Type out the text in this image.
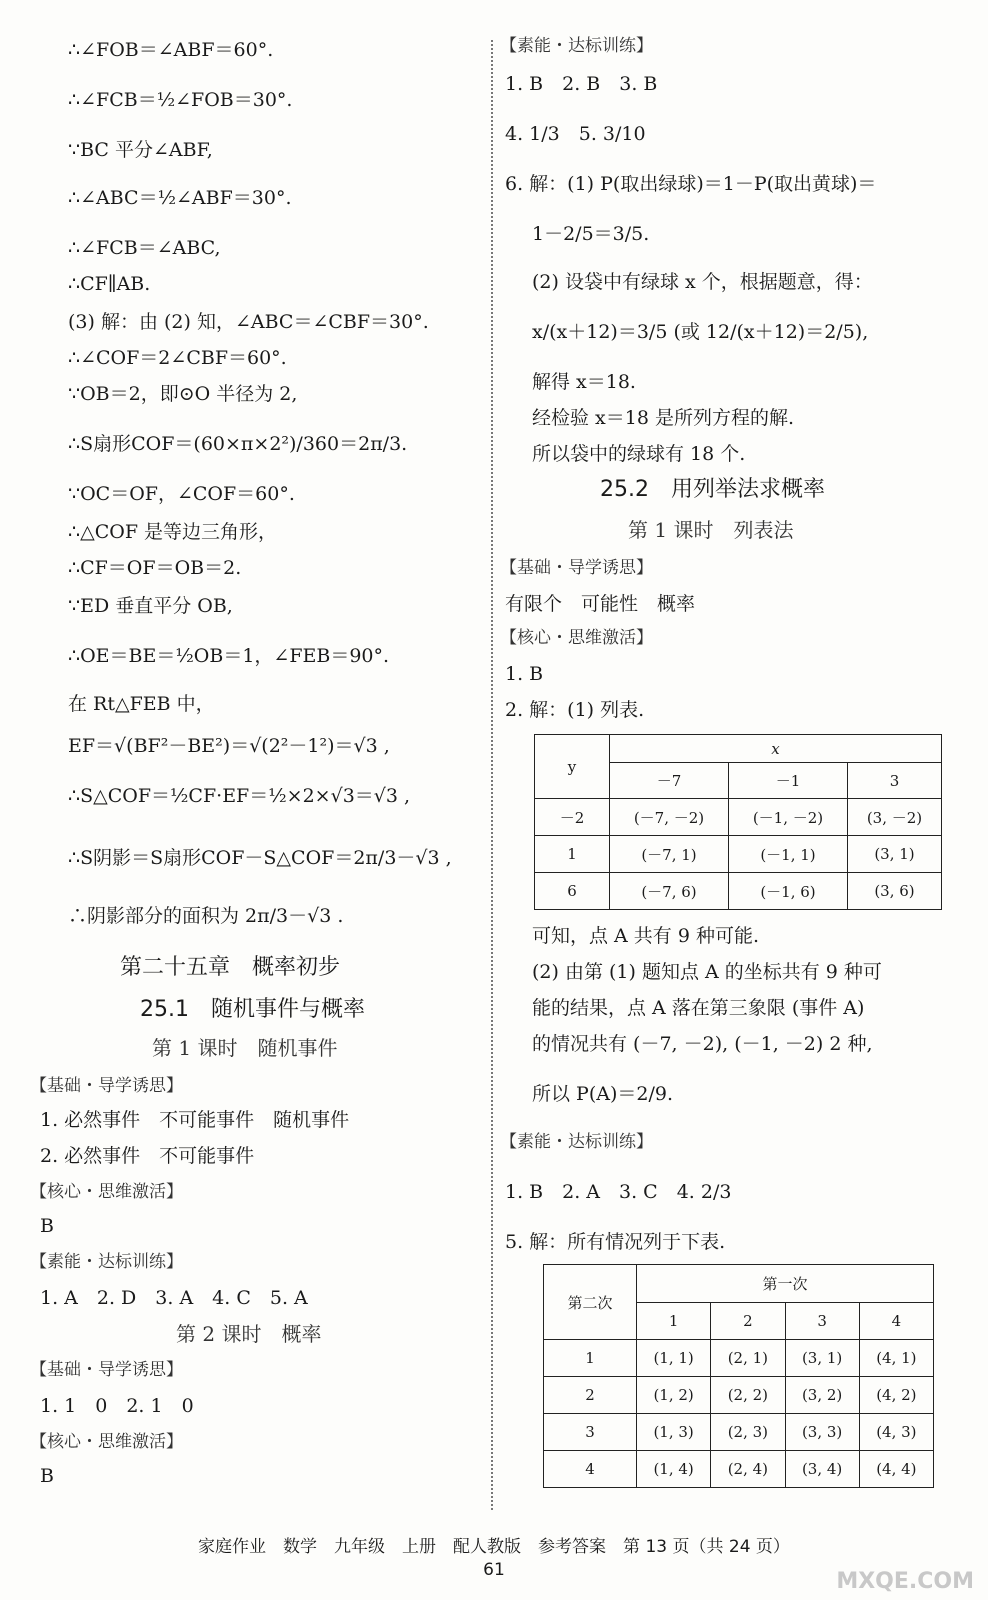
∴∠FOB＝∠ABF＝60°.
∴∠FCB＝½∠FOB＝30°.
∵BC 平分∠ABF,
∴∠ABC＝½∠ABF＝30°.
∴∠FCB＝∠ABC,
∴CF∥AB.
(3) 解：由 (2) 知，∠ABC＝∠CBF＝30°.
∴∠COF＝2∠CBF＝60°.
∵OB＝2，即⊙O 半径为 2,
∴S扇形COF＝(60×π×2²)/360＝2π/3.
∵OC＝OF，∠COF＝60°.
∴△COF 是等边三角形，
∴CF＝OF＝OB＝2.
∵ED 垂直平分 OB,
∴OE＝BE＝½OB＝1，∠FEB＝90°.
在 Rt△FEB 中，
EF＝√(BF²－BE²)＝√(2²－1²)＝√3 ,
∴S△COF＝½CF·EF＝½×2×√3＝√3 ,
∴S阴影＝S扇形COF－S△COF＝2π/3－√3 ,
∴阴影部分的面积为 2π/3－√3 .
第二十五章　概率初步
25.1　随机事件与概率
第 1 课时　随机事件
【基础・导学诱思】
1. 必然事件　不可能事件　随机事件
2. 必然事件　不可能事件
【核心・思维激活】
B
【素能・达标训练】
1. A　2. D　3. A　4. C　5. A
第 2 课时　概率
【基础・导学诱思】
1. 1　0　2. 1　0
【核心・思维激活】
B
【素能・达标训练】
1. B　2. B　3. B
4. 1/3　5. 3/10
6. 解：(1) P(取出绿球)＝1－P(取出黄球)＝
1－2/5＝3/5.
(2) 设袋中有绿球 x 个，根据题意，得：
x/(x＋12)＝3/5 (或 12/(x＋12)＝2/5),
解得 x＝18.
经检验 x＝18 是所列方程的解.
所以袋中的绿球有 18 个.
25.2　用列举法求概率
第 1 课时　列表法
【基础・导学诱思】
有限个　可能性　概率
【核心・思维激活】
1. B
2. 解：(1) 列表.
y	x		
	－7	－1	3
－2	(－7, －2)	(－1, －2)	(3, －2)
1	(－7, 1)	(－1, 1)	(3, 1)
6	(－7, 6)	(－1, 6)	(3, 6)
可知，点 A 共有 9 种可能.
(2) 由第 (1) 题知点 A 的坐标共有 9 种可
能的结果，点 A 落在第三象限 (事件 A)
的情况共有 (－7, －2), (－1, －2) 2 种,
所以 P(A)＝2/9.
【素能・达标训练】
1. B　2. A　3. C　4. 2/3
5. 解：所有情况列于下表.
第二次	第一次			
	1	2	3	4
1	(1, 1)	(2, 1)	(3, 1)	(4, 1)
2	(1, 2)	(2, 2)	(3, 2)	(4, 2)
3	(1, 3)	(2, 3)	(3, 3)	(4, 3)
4	(1, 4)	(2, 4)	(3, 4)	(4, 4)
家庭作业　数学　九年级　上册　配人教版　参考答案　第 13 页（共 24 页）
61	MXQE.COM
